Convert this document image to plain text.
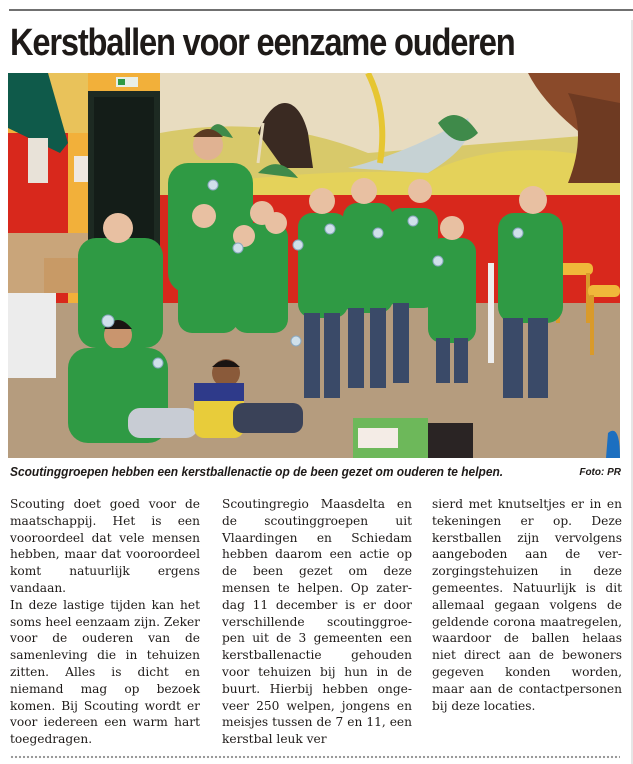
Kerstballen voor eenzame ouderen
Scoutinggroepen hebben een kerstballenactie op de been gezet om ouderen te helpen.	Foto: PR

Scouting doet goed voor de maatschappij. Het is een vooroordeel dat vele mensen hebben, maar dat vooroordeel komt natuurlijk ergens vandaan.

In deze lastige tijden kan het soms heel eenzaam zijn. Zeker voor de ouderen van de samenleving die in tehuizen zitten. Alles is dicht en niemand mag op bezoek komen. Bij Scouting wordt er voor iedereen een warm hart toegedragen.

Scoutingregio Maasdelta en de scoutinggroepen uit Vlaardingen en Schiedam hebben daarom een actie op de been gezet om deze mensen te helpen. Op zaterdag 11 december is er door verschillende scoutinggroepen uit de 3 gemeenten een kerstballenactie gehouden voor tehuizen bij hun in de buurt. Hierbij hebben ongeveer 250 welpen, jongens en meisjes tussen de 7 en 11, een kerstbal leuk ver

sierd met knutseltjes er in en tekeningen er op. Deze kerstballen zijn vervolgens aangeboden aan de verzorgingstehuizen in deze gemeentes. Natuurlijk is dit allemaal gegaan volgens de geldende corona maatregelen, waardoor de ballen helaas niet direct aan de bewoners gegeven konden worden, maar aan de contactpersonen bij deze locaties.
